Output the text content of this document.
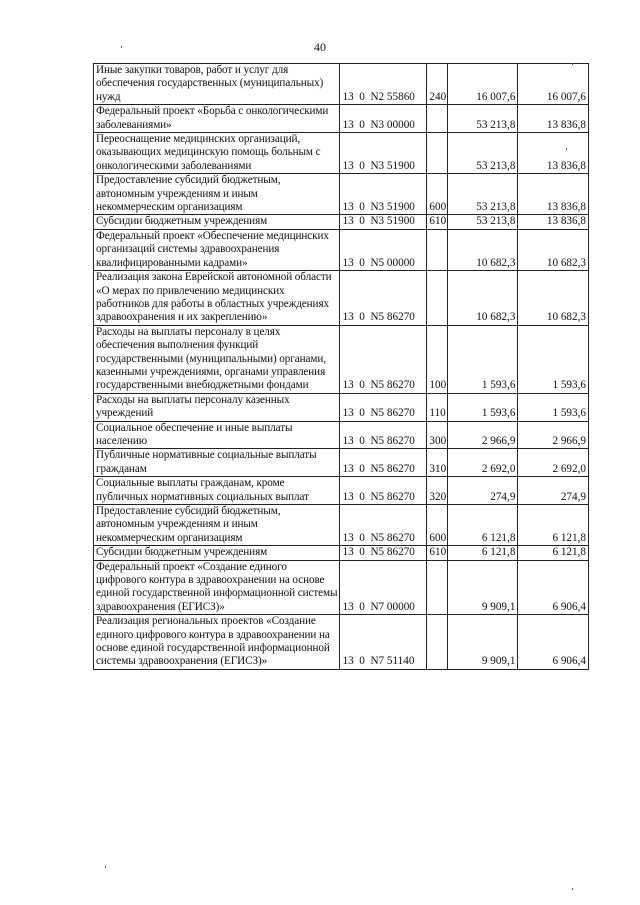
40
Иные закупки товаров, работ и услуг для обеспечения государственных (муниципальных) нужд	13  0  N2 55860	240	16 007,6	16 007,6
Федеральный проект «Борьба с онкологическими заболеваниями»	13  0  N3 00000		53 213,8	13 836,8
Переоснащение медицинских организаций, оказывающих медицинскую помощь больным с онкологическими заболеваниями	13  0  N3 51900		53 213,8	13 836,8
Предоставление субсидий бюджетным, автономным учреждениям и иным некоммерческим организациям	13  0  N3 51900	600	53 213,8	13 836,8
Субсидии бюджетным учреждениям	13  0  N3 51900	610	53 213,8	13 836,8
Федеральный проект «Обеспечение медицинских организаций системы здравоохранения квалифицированными кадрами»	13  0  N5 00000		10 682,3	10 682,3
Реализация закона Еврейской автономной области «О мерах по привлечению медицинских работников для работы в областных учреждениях здравоохранения и их закреплению»	13  0  N5 86270		10 682,3	10 682,3
Расходы на выплаты персоналу в целях обеспечения выполнения функций государственными (муниципальными) органами, казенными учреждениями, органами управления государственными внебюджетными фондами	13  0  N5 86270	100	1 593,6	1 593,6
Расходы на выплаты персоналу казенных учреждений	13  0  N5 86270	110	1 593,6	1 593,6
Социальное обеспечение и иные выплаты населению	13  0  N5 86270	300	2 966,9	2 966,9
Публичные нормативные социальные выплаты гражданам	13  0  N5 86270	310	2 692,0	2 692,0
Социальные выплаты гражданам, кроме публичных нормативных социальных выплат	13  0  N5 86270	320	274,9	274,9
Предоставление субсидий бюджетным, автономным учреждениям и иным некоммерческим организациям	13  0  N5 86270	600	6 121,8	6 121,8
Субсидии бюджетным учреждениям	13  0  N5 86270	610	6 121,8	6 121,8
Федеральный проект «Создание единого цифрового контура в здравоохранении на основе единой государственной информационной системы здравоохранения (ЕГИСЗ)»	13  0  N7 00000		9 909,1	6 906,4
Реализация региональных проектов «Создание единого цифрового контура в здравоохранении на основе единой государственной информационной системы здравоохранения (ЕГИСЗ)»	13  0  N7 51140		9 909,1	6 906,4
